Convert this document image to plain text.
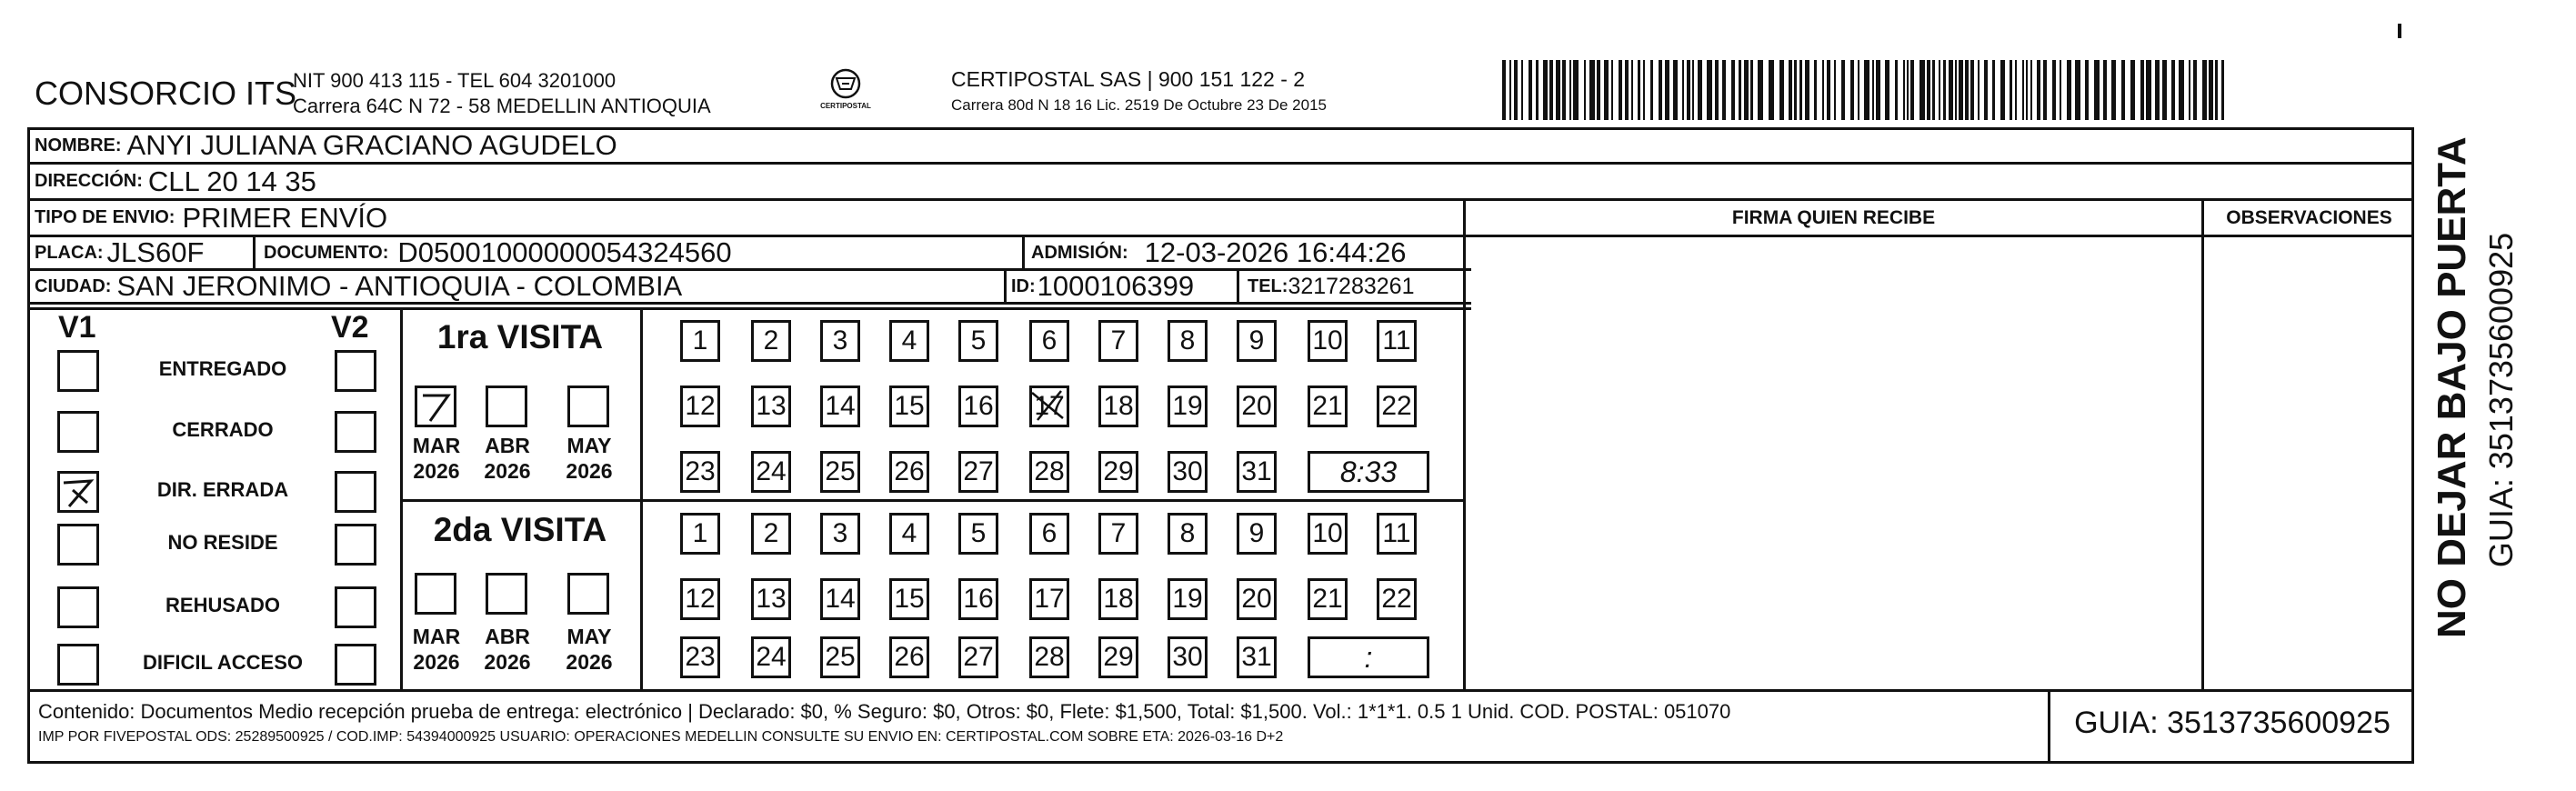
CONSORCIO ITS
NIT 900 413 115 - TEL 604 3201000
Carrera 64C N 72 - 58 MEDELLIN ANTIOQUIA	CERTIPOSTAL
CERTIPOSTAL SAS | 900 151 122 - 2
Carrera 80d N 18 16 Lic. 2519 De Octubre 23 De 2015
NOMBRE: ANYI JULIANA GRACIANO AGUDELO
DIRECCIÓN: CLL 20 14 35
TIPO DE ENVIO: PRIMER ENVÍO
PLACA: JLS60F	DOCUMENTO: D05001000000054324560	ADMISIÓN: 12-03-2026 16:44:26
CIUDAD: SAN JERONIMO - ANTIOQUIA - COLOMBIA	ID: 1000106399	TEL: 3217283261
FIRMA QUIEN RECIBE	OBSERVACIONES
V1	V2
ENTREGADO
CERRADO
DIR. ERRADA
NO RESIDE
REHUSADO
DIFICIL ACCESO
1ra VISITA
MAR
2026
ABR
2026
MAY
2026
1 2 3 4 5 6 7 8 9 10 11
12 13 14 15 16 17 18 19 20 21 22
23 24 25 26 27 28 29 30 31 8:33
2da VISITA
MAR
2026
ABR
2026
MAY
2026
1 2 3 4 5 6 7 8 9 10 11
12 13 14 15 16 17 18 19 20 21 22
23 24 25 26 27 28 29 30 31	:
Contenido: Documentos Medio recepción prueba de entrega: electrónico | Declarado: $0, % Seguro: $0, Otros: $0, Flete: $1,500, Total: $1,500. Vol.: 1*1*1. 0.5 1 Unid. COD. POSTAL: 051070
IMP POR FIVEPOSTAL ODS: 25289500925 / COD.IMP: 54394000925 USUARIO: OPERACIONES MEDELLIN CONSULTE SU ENVIO EN: CERTIPOSTAL.COM SOBRE ETA: 2026-03-16 D+2	GUIA: 3513735600925
NO DEJAR BAJO PUERTA GUIA: 3513735600925
